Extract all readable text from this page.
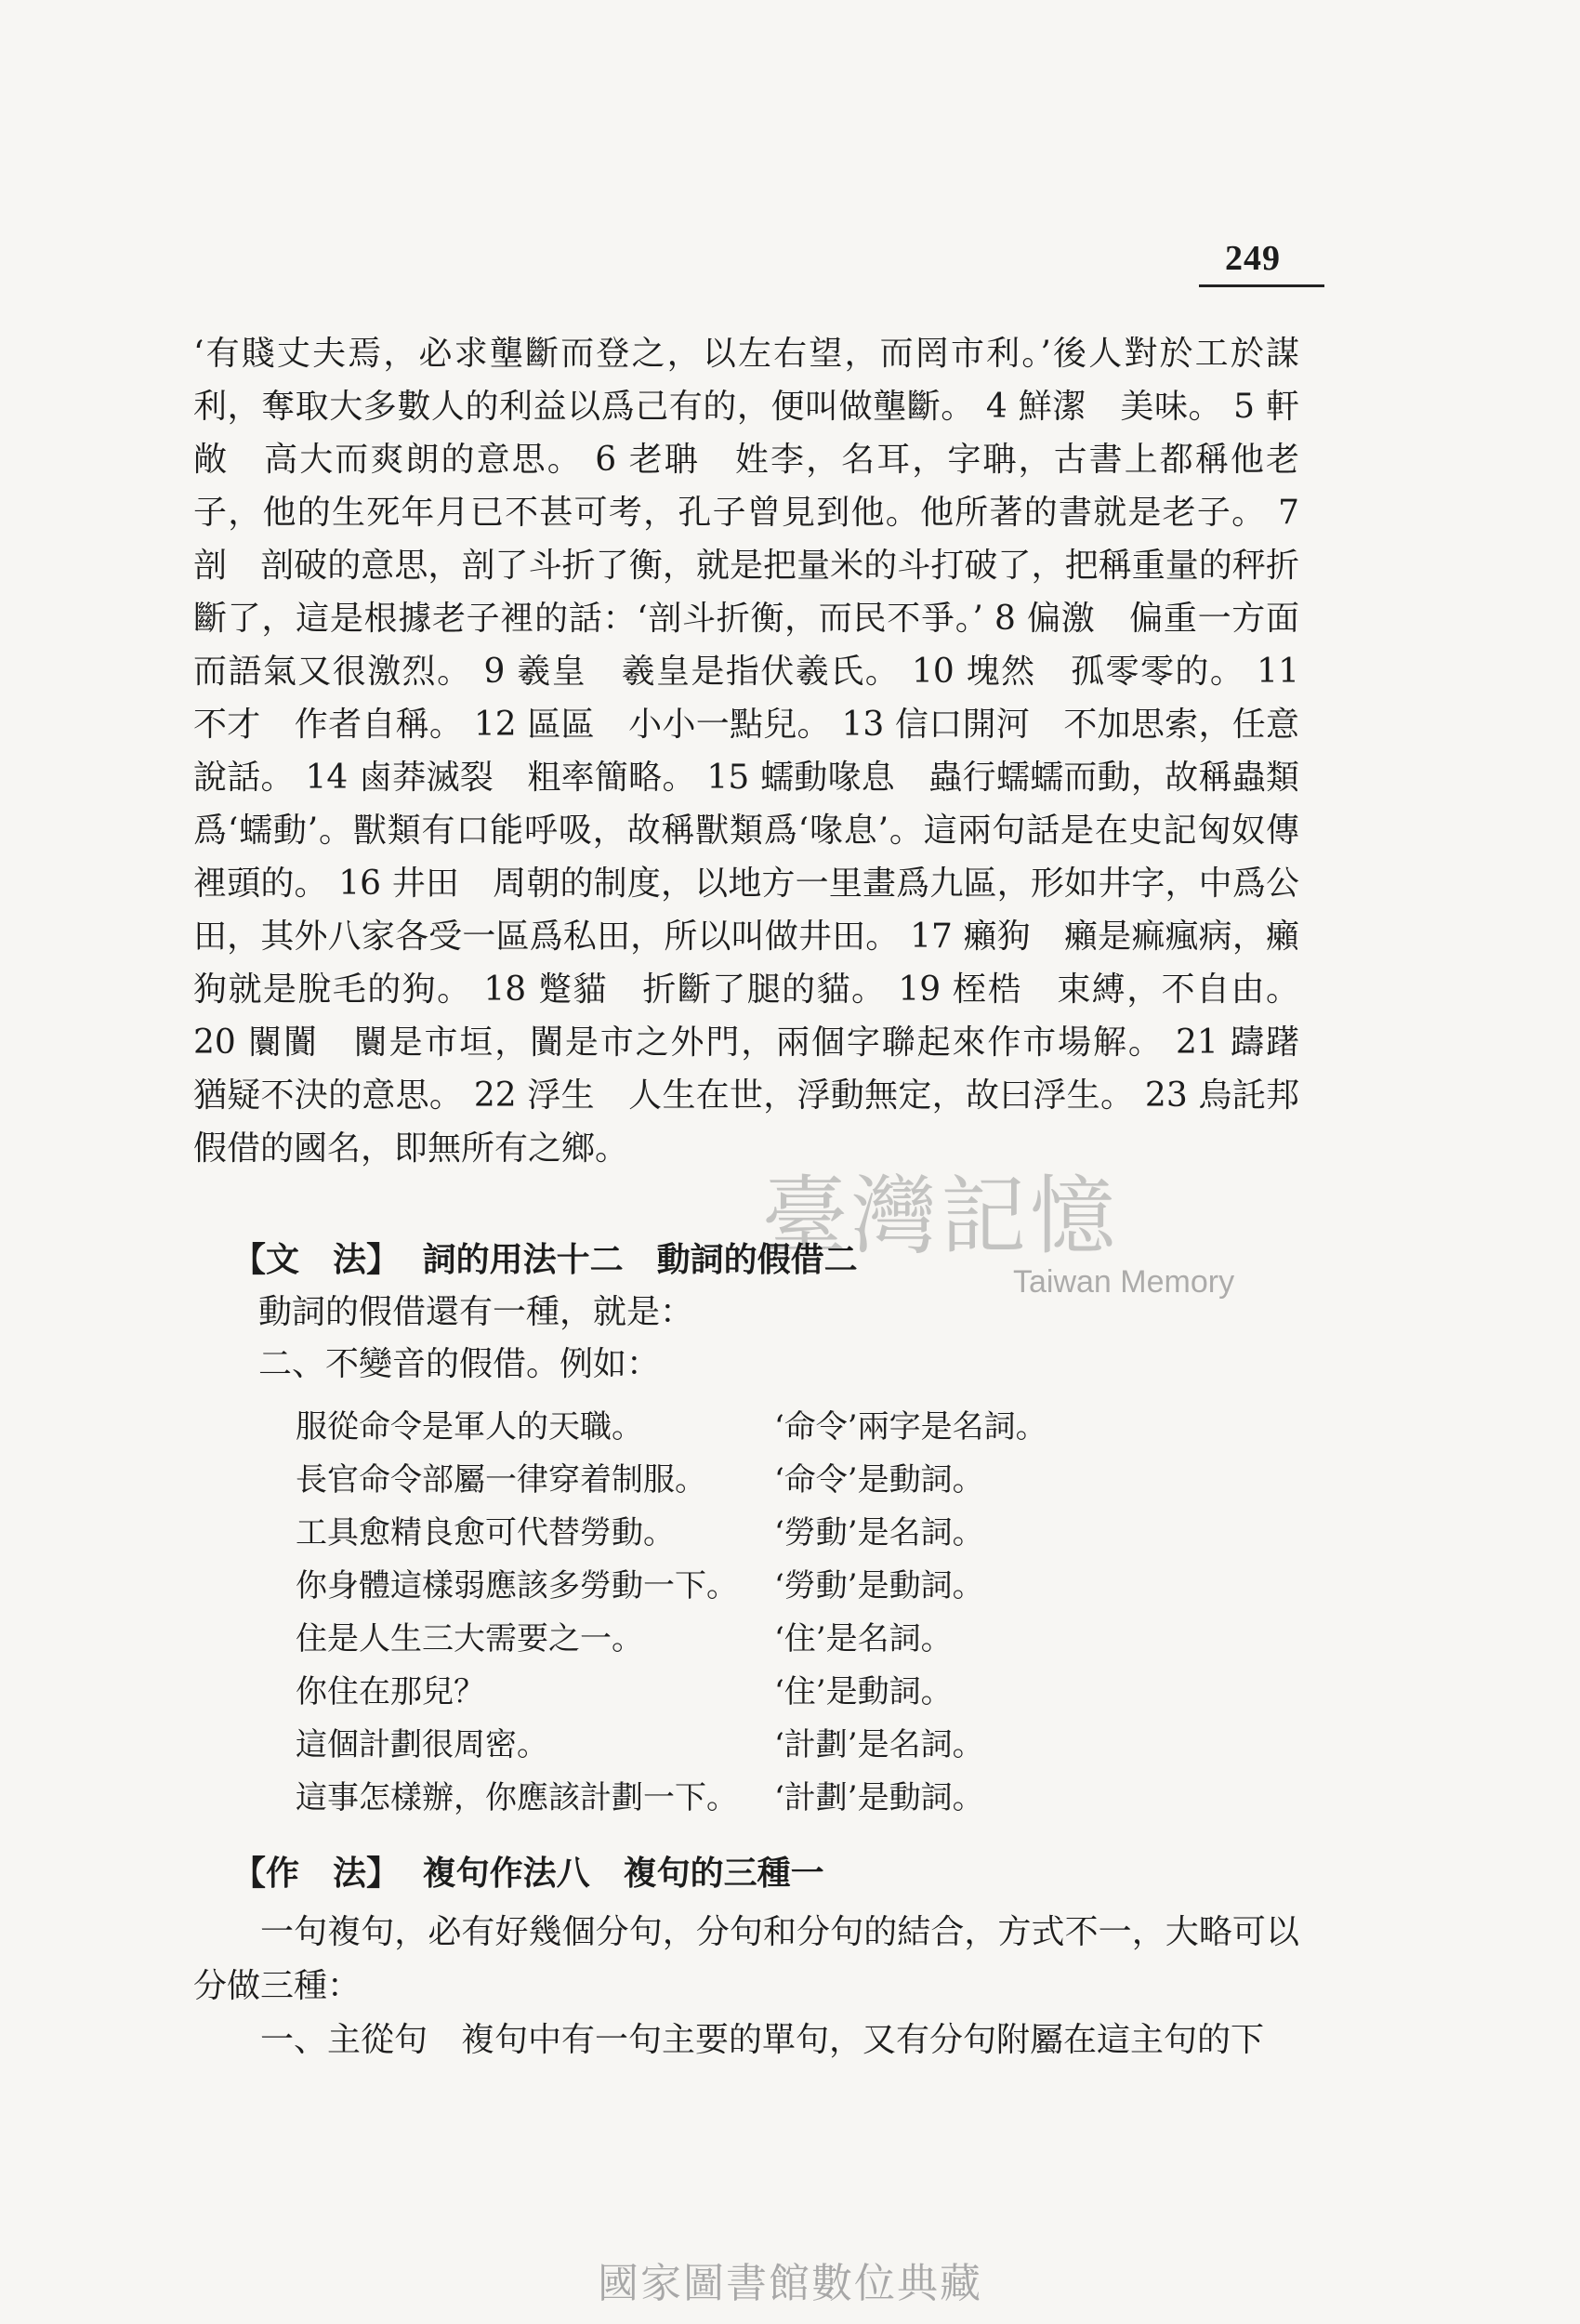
249

‘有賤丈夫焉，必求壟斷而登之，以左右望，而罔市利。’後人對於工於謀利，奪取大多數人的利益以爲己有的，便叫做壟斷。 4 鮮潔　美味。 5 軒敞　高大而爽朗的意思。 6 老聃　姓李，名耳，字聃，古書上都稱他老子，他的生死年月已不甚可考，孔子曾見到他。他所著的書就是老子。 7 剖　剖破的意思，剖了斗折了衡，就是把量米的斗打破了，把稱重量的秤折斷了，這是根據老子裡的話：‘剖斗折衡，而民不爭。’ 8 偏激　偏重一方面而語氣又很激烈。 9 羲皇　羲皇是指伏羲氏。 10 塊然　孤零零的。 11 不才　作者自稱。 12 區區　小小一點兒。 13 信口開河　不加思索，任意說話。 14 鹵莽滅裂　粗率簡略。 15 蠕動喙息　蟲行蠕蠕而動，故稱蟲類爲‘蠕動’。獸類有口能呼吸，故稱獸類爲‘喙息’。這兩句話是在史記匈奴傳裡頭的。 16 井田　周朝的制度，以地方一里畫爲九區，形如井字，中爲公田，其外八家各受一區爲私田，所以叫做井田。 17 癩狗　癩是痲瘋病，癩狗就是脫毛的狗。 18 蹩貓　折斷了腿的貓。 19 桎梏　束縛，不自由。 20 闤闠　闤是市垣，闠是市之外門，兩個字聯起來作市場解。 21 躊躇　猶疑不決的意思。 22 浮生　人生在世，浮動無定，故曰浮生。 23 烏託邦　假借的國名，即無所有之鄉。

臺灣記憶
Taiwan Memory
【文　法】 詞的用法十二　動詞的假借二
動詞的假借還有一種，就是：
二、不變音的假借。例如：
服從命令是軍人的天職。	‘命令’兩字是名詞。
長官命令部屬一律穿着制服。	‘命令’是動詞。
工具愈精良愈可代替勞動。	‘勞動’是名詞。
你身體這樣弱應該多勞動一下。	‘勞動’是動詞。
住是人生三大需要之一。	‘住’是名詞。
你住在那兒？	‘住’是動詞。
這個計劃很周密。	‘計劃’是名詞。
這事怎樣辦，你應該計劃一下。	‘計劃’是動詞。
【作　法】 複句作法八　複句的三種一
一句複句，必有好幾個分句，分句和分句的結合，方式不一，大略可以分做三種：
一、主從句　複句中有一句主要的單句，又有分句附屬在這主句的下
國家圖書館數位典藏
